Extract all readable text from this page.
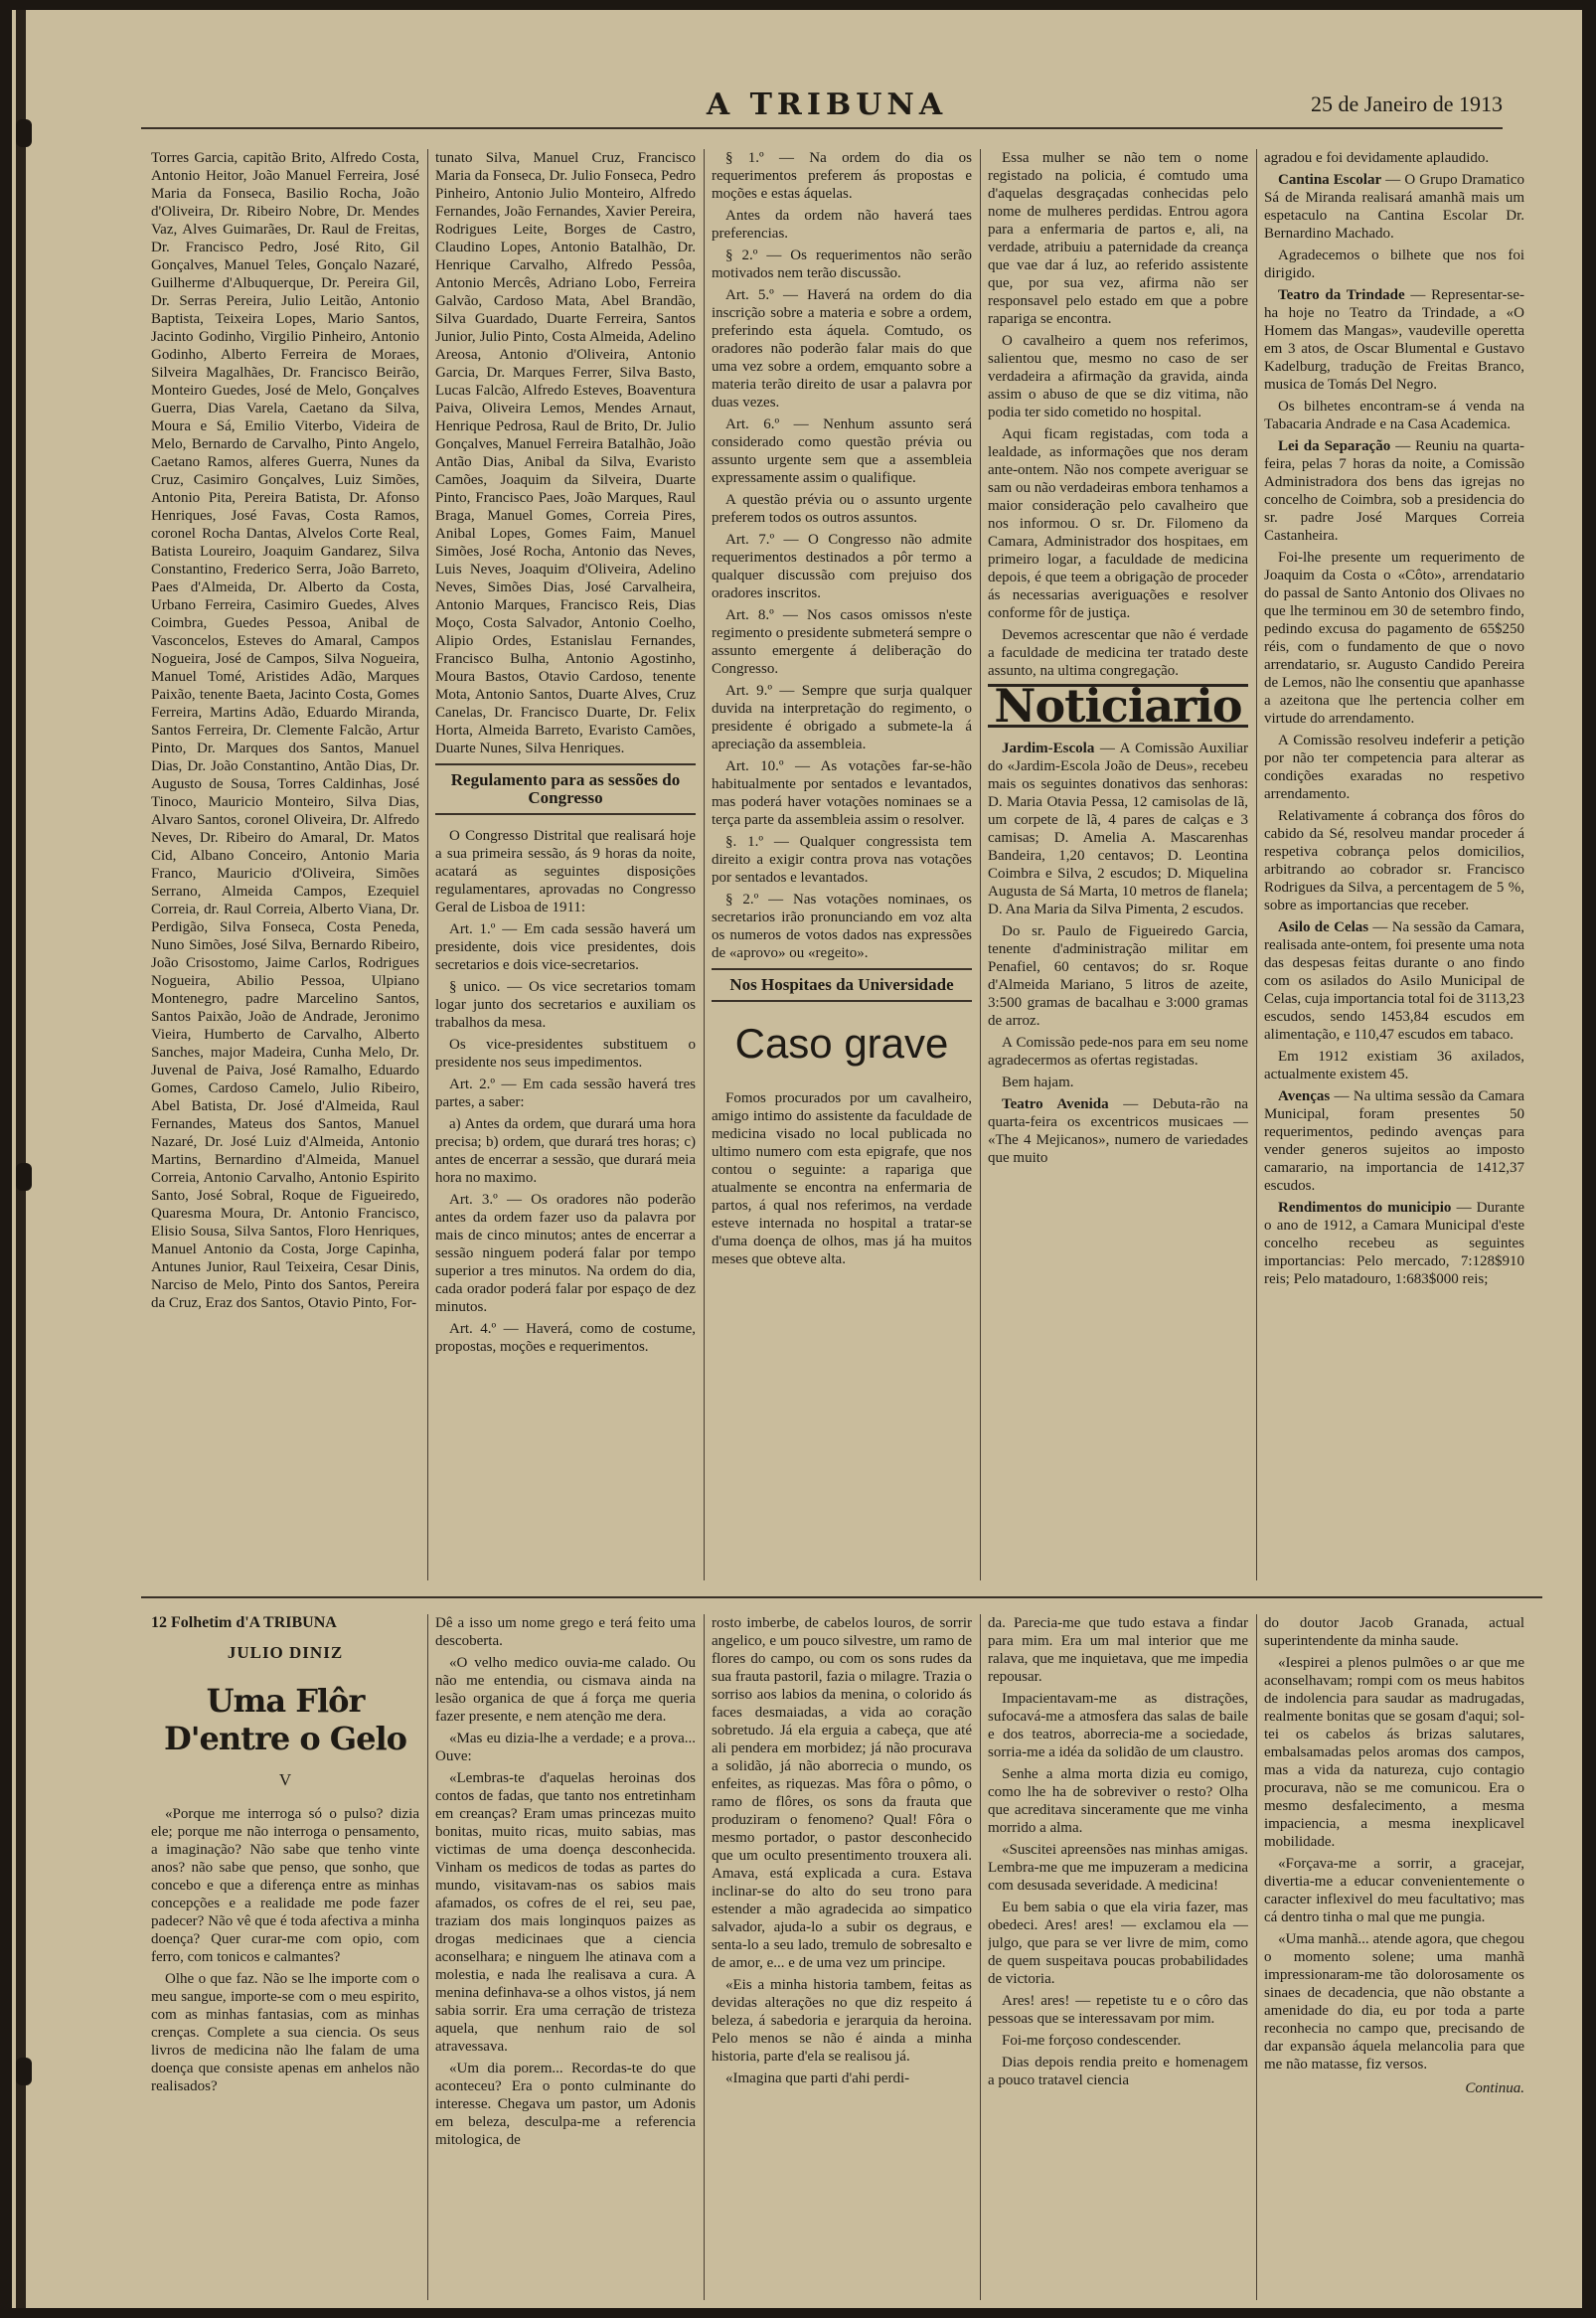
A TRIBUNA	25 de Janeiro de 1913

Torres Garcia, capitão Brito, Alfredo Costa, Antonio Heitor, João Manuel Ferreira, José Maria da Fonseca, Basilio Rocha, João d'Oliveira, Dr. Ribeiro Nobre, Dr. Mendes Vaz, Alves Guimarães, Dr. Raul de Freitas, Dr. Francisco Pedro, José Rito, Gil Gonçalves, Manuel Teles, Gonçalo Nazaré, Guilherme d'Albuquerque, Dr. Pereira Gil, Dr. Serras Pereira, Julio Leitão, Antonio Baptista, Teixeira Lopes, Mario Santos, Jacinto Godinho, Virgilio Pinheiro, Antonio Godinho, Alberto Ferreira de Moraes, Silveira Magalhães, Dr. Francisco Beirão, Monteiro Guedes, José de Melo, Gonçalves Guerra, Dias Varela, Caetano da Silva, Moura e Sá, Emilio Viterbo, Videira de Melo, Bernardo de Carvalho, Pinto Angelo, Caetano Ramos, alferes Guerra, Nunes da Cruz, Casimiro Gonçalves, Luiz Simões, Antonio Pita, Pereira Batista, Dr. Afonso Henriques, José Favas, Costa Ramos, coronel Rocha Dantas, Alvelos Corte Real, Batista Loureiro, Joaquim Gandarez, Silva Constantino, Frederico Serra, João Barreto, Paes d'Almeida, Dr. Alberto da Costa, Urbano Ferreira, Casimiro Guedes, Alves Coimbra, Guedes Pessoa, Anibal de Vasconcelos, Esteves do Amaral, Campos Nogueira, José de Campos, Silva Nogueira, Manuel Tomé, Aristides Adão, Marques Paixão, tenente Baeta, Jacinto Costa, Gomes Ferreira, Martins Adão, Eduardo Miranda, Santos Ferreira, Dr. Clemente Falcão, Artur Pinto, Dr. Marques dos Santos, Manuel Dias, Dr. João Constantino, Antão Dias, Dr. Augusto de Sousa, Torres Caldinhas, José Tinoco, Mauricio Monteiro, Silva Dias, Alvaro Santos, coronel Oliveira, Dr. Alfredo Neves, Dr. Ribeiro do Amaral, Dr. Matos Cid, Albano Conceiro, Antonio Maria Franco, Mauricio d'Oliveira, Simões Serrano, Almeida Campos, Ezequiel Correia, dr. Raul Correia, Alberto Viana, Dr. Perdigão, Silva Fonseca, Costa Peneda, Nuno Simões, José Silva, Bernardo Ribeiro, João Crisostomo, Jaime Carlos, Rodrigues Nogueira, Abilio Pessoa, Ulpiano Montenegro, padre Marcelino Santos, Santos Paixão, João de Andrade, Jeronimo Vieira, Humberto de Carvalho, Alberto Sanches, major Madeira, Cunha Melo, Dr. Juvenal de Paiva, José Ramalho, Eduardo Gomes, Cardoso Camelo, Julio Ribeiro, Abel Batista, Dr. José d'Almeida, Raul Fernandes, Mateus dos Santos, Manuel Nazaré, Dr. José Luiz d'Almeida, Antonio Martins, Bernardino d'Almeida, Manuel Correia, Antonio Carvalho, Antonio Espirito Santo, José Sobral, Roque de Figueiredo, Quaresma Moura, Dr. Antonio Francisco, Elisio Sousa, Silva Santos, Floro Henriques, Manuel Antonio da Costa, Jorge Capinha, Antunes Junior, Raul Teixeira, Cesar Dinis, Narciso de Melo, Pinto dos Santos, Pereira da Cruz, Eraz dos Santos, Otavio Pinto, For-

tunato Silva, Manuel Cruz, Francisco Maria da Fonseca, Dr. Julio Fonseca, Pedro Pinheiro, Antonio Julio Monteiro, Alfredo Fernandes, João Fernandes, Xavier Pereira, Rodrigues Leite, Borges de Castro, Claudino Lopes, Antonio Batalhão, Dr. Henrique Carvalho, Alfredo Pessôa, Antonio Mercês, Adriano Lobo, Ferreira Galvão, Cardoso Mata, Abel Brandão, Silva Guardado, Duarte Ferreira, Santos Junior, Julio Pinto, Costa Almeida, Adelino Areosa, Antonio d'Oliveira, Antonio Garcia, Dr. Marques Ferrer, Silva Basto, Lucas Falcão, Alfredo Esteves, Boaventura Paiva, Oliveira Lemos, Mendes Arnaut, Henrique Pedrosa, Raul de Brito, Dr. Julio Gonçalves, Manuel Ferreira Batalhão, João Antão Dias, Anibal da Silva, Evaristo Camões, Joaquim da Silveira, Duarte Pinto, Francisco Paes, João Marques, Raul Braga, Manuel Gomes, Correia Pires, Anibal Lopes, Gomes Faim, Manuel Simões, José Rocha, Antonio das Neves, Luis Neves, Joaquim d'Oliveira, Adelino Neves, Simões Dias, José Carvalheira, Antonio Marques, Francisco Reis, Dias Moço, Costa Salvador, Antonio Coelho, Alipio Ordes, Estanislau Fernandes, Francisco Bulha, Antonio Agostinho, Moura Bastos, Otavio Cardoso, tenente Mota, Antonio Santos, Duarte Alves, Cruz Canelas, Dr. Francisco Duarte, Dr. Felix Horta, Almeida Barreto, Evaristo Camões, Duarte Nunes, Silva Henriques.

Regulamento para as sessões do Congresso

O Congresso Distrital que realisará hoje a sua primeira sessão, ás 9 horas da noite, acatará as seguintes disposições regulamentares, aprovadas no Congresso Geral de Lisboa de 1911:

Art. 1.º — Em cada sessão haverá um presidente, dois vice presidentes, dois secretarios e dois vice-secretarios.

§ unico. — Os vice secretarios tomam logar junto dos secretarios e auxiliam os trabalhos da mesa.

Os vice-presidentes substituem o presidente nos seus impedimentos.

Art. 2.º — Em cada sessão haverá tres partes, a saber:

a) Antes da ordem, que durará uma hora precisa; b) ordem, que durará tres horas; c) antes de encerrar a sessão, que durará meia hora no maximo.

Art. 3.º — Os oradores não poderão antes da ordem fazer uso da palavra por mais de cinco minutos; antes de encerrar a sessão ninguem poderá falar por tempo superior a tres minutos. Na ordem do dia, cada orador poderá falar por espaço de dez minutos.

Art. 4.º — Haverá, como de costume, propostas, moções e requerimentos.

§ 1.º — Na ordem do dia os requerimentos preferem ás propostas e moções e estas áquelas.

Antes da ordem não haverá taes preferencias.

§ 2.º — Os requerimentos não serão motivados nem terão discussão.

Art. 5.º — Haverá na ordem do dia inscrição sobre a materia e sobre a ordem, preferindo esta áquela. Comtudo, os oradores não poderão falar mais do que uma vez sobre a ordem, emquanto sobre a materia terão direito de usar a palavra por duas vezes.

Art. 6.º — Nenhum assunto será considerado como questão prévia ou assunto urgente sem que a assembleia expressamente assim o qualifique.

A questão prévia ou o assunto urgente preferem todos os outros assuntos.

Art. 7.º — O Congresso não admite requerimentos destinados a pôr termo a qualquer discussão com prejuiso dos oradores inscritos.

Art. 8.º — Nos casos omissos n'este regimento o presidente submeterá sempre o assunto emergente á deliberação do Congresso.

Art. 9.º — Sempre que surja qualquer duvida na interpretação do regimento, o presidente é obrigado a submete-la á apreciação da assembleia.

Art. 10.º — As votações far-se-hão habitualmente por sentados e levantados, mas poderá haver votações nominaes se a terça parte da assembleia assim o resolver.

§. 1.º — Qualquer congressista tem direito a exigir contra prova nas votações por sentados e levantados.

§ 2.º — Nas votações nominaes, os secretarios irão pronunciando em voz alta os numeros de votos dados nas expressões de «aprovo» ou «regeito».

Nos Hospitaes da Universidade
Caso grave

Fomos procurados por um cavalheiro, amigo intimo do assistente da faculdade de medicina visado no local publicada no ultimo numero com esta epigrafe, que nos contou o seguinte: a rapariga que atualmente se encontra na enfermaria de partos, á qual nos referimos, na verdade esteve internada no hospital a tratar-se d'uma doença de olhos, mas já ha muitos meses que obteve alta.

Essa mulher se não tem o nome registado na policia, é comtudo uma d'aquelas desgraçadas conhecidas pelo nome de mulheres perdidas. Entrou agora para a enfermaria de partos e, ali, na verdade, atribuiu a paternidade da creança que vae dar á luz, ao referido assistente que, por sua vez, afirma não ser responsavel pelo estado em que a pobre rapariga se encontra.

O cavalheiro a quem nos referimos, salientou que, mesmo no caso de ser verdadeira a afirmação da gravida, ainda assim o abuso de que se diz vitima, não podia ter sido cometido no hospital.

Aqui ficam registadas, com toda a lealdade, as informações que nos deram ante-ontem. Não nos compete averiguar se sam ou não verdadeiras embora tenhamos a maior consideração pelo cavalheiro que nos informou. O sr. Dr. Filomeno da Camara, Administrador dos hospitaes, em primeiro logar, a faculdade de medicina depois, é que teem a obrigação de proceder ás necessarias averiguações e resolver conforme fôr de justiça.

Devemos acrescentar que não é verdade a faculdade de medicina ter tratado deste assunto, na ultima congregação.

Noticiario

Jardim-Escola — A Comissão Auxiliar do «Jardim-Escola João de Deus», recebeu mais os seguintes donativos das senhoras: D. Maria Otavia Pessa, 12 camisolas de lã, um corpete de lã, 4 pares de calças e 3 camisas; D. Amelia A. Mascarenhas Bandeira, 1,20 centavos; D. Leontina Coimbra e Silva, 2 escudos; D. Miquelina Augusta de Sá Marta, 10 metros de flanela; D. Ana Maria da Silva Pimenta, 2 escudos.

Do sr. Paulo de Figueiredo Garcia, tenente d'administração militar em Penafiel, 60 centavos; do sr. Roque d'Almeida Mariano, 5 litros de azeite, 3:500 gramas de bacalhau e 3:000 gramas de arroz.

A Comissão pede-nos para em seu nome agradecermos as ofertas registadas.

Bem hajam.

Teatro Avenida — Debuta-rão na quarta-feira os excentricos musicaes — «The 4 Mejicanos», numero de variedades que muito

agradou e foi devidamente aplaudido.

Cantina Escolar — O Grupo Dramatico Sá de Miranda realisará amanhã mais um espetaculo na Cantina Escolar Dr. Bernardino Machado.

Agradecemos o bilhete que nos foi dirigido.

Teatro da Trindade — Representar-se-ha hoje no Teatro da Trindade, a «O Homem das Mangas», vaudeville operetta em 3 atos, de Oscar Blumental e Gustavo Kadelburg, tradução de Freitas Branco, musica de Tomás Del Negro.

Os bilhetes encontram-se á venda na Tabacaria Andrade e na Casa Academica.

Lei da Separação — Reuniu na quarta-feira, pelas 7 horas da noite, a Comissão Administradora dos bens das igrejas no concelho de Coimbra, sob a presidencia do sr. padre José Marques Correia Castanheira.

Foi-lhe presente um requerimento de Joaquim da Costa o «Côto», arrendatario do passal de Santo Antonio dos Olivaes no que lhe terminou em 30 de setembro findo, pedindo excusa do pagamento de 65$250 réis, com o fundamento de que o novo arrendatario, sr. Augusto Candido Pereira de Lemos, não lhe consentiu que apanhasse a azeitona que lhe pertencia colher em virtude do arrendamento.

A Comissão resolveu indeferir a petição por não ter competencia para alterar as condições exaradas no respetivo arrendamento.

Relativamente á cobrança dos fôros do cabido da Sé, resolveu mandar proceder á respetiva cobrança pelos domicilios, arbitrando ao cobrador sr. Francisco Rodrigues da Silva, a percentagem de 5 %, sobre as importancias que receber.

Asilo de Celas — Na sessão da Camara, realisada ante-ontem, foi presente uma nota das despesas feitas durante o ano findo com os asilados do Asilo Municipal de Celas, cuja importancia total foi de 3113,23 escudos, sendo 1453,84 escudos em alimentação, e 110,47 escudos em tabaco.

Em 1912 existiam 36 axilados, actualmente existem 45.

Avenças — Na ultima sessão da Camara Municipal, foram presentes 50 requerimentos, pedindo avenças para vender generos sujeitos ao imposto camarario, na importancia de 1412,37 escudos.

Rendimentos do municipio — Durante o ano de 1912, a Camara Municipal d'este concelho recebeu as seguintes importancias: Pelo mercado, 7:128$910 reis; Pelo matadouro, 1:683$000 reis;

12 Folhetim d'A TRIBUNA
JULIO DINIZ
Uma Flôr D'entre o Gelo
V

«Porque me interroga só o pulso? dizia ele; porque me não interroga o pensamento, a imaginação? Não sabe que tenho vinte anos? não sabe que penso, que sonho, que concebo e que a diferença entre as minhas concepções e a realidade me pode fazer padecer? Não vê que é toda afectiva a minha doença? Quer curar-me com opio, com ferro, com tonicos e calmantes?

Olhe o que faz. Não se lhe importe com o meu sangue, importe-se com o meu espirito, com as minhas fantasias, com as minhas crenças. Complete a sua ciencia. Os seus livros de medicina não lhe falam de uma doença que consiste apenas em anhelos não realisados?

Dê a isso um nome grego e terá feito uma descoberta.

«O velho medico ouvia-me calado. Ou não me entendia, ou cismava ainda na lesão organica de que á força me queria fazer presente, e nem atenção me dera.

«Mas eu dizia-lhe a verdade; e a prova... Ouve:

«Lembras-te d'aquelas heroinas dos contos de fadas, que tanto nos entretinham em creanças? Eram umas princezas muito bonitas, muito ricas, muito sabias, mas victimas de uma doença desconhecida. Vinham os medicos de todas as partes do mundo, visitavam-nas os sabios mais afamados, os cofres de el rei, seu pae, traziam dos mais longinquos paizes as drogas medicinaes que a ciencia aconselhara; e ninguem lhe atinava com a molestia, e nada lhe realisava a cura. A menina definhava-se a olhos vistos, já nem sabia sorrir. Era uma cerração de tristeza aquela, que nenhum raio de sol atravessava.

«Um dia porem... Recordas-te do que aconteceu? Era o ponto culminante do interesse. Chegava um pastor, um Adonis em beleza, desculpa-me a referencia mitologica, de

rosto imberbe, de cabelos louros, de sorrir angelico, e um pouco silvestre, um ramo de flores do campo, ou com os sons rudes da sua frauta pastoril, fazia o milagre. Trazia o sorriso aos labios da menina, o colorido ás faces desmaiadas, a vida ao coração sobretudo. Já ela erguia a cabeça, que até ali pendera em morbidez; já não procurava a solidão, já não aborrecia o mundo, os enfeites, as riquezas. Mas fôra o pômo, o ramo de flôres, os sons da frauta que produziram o fenomeno? Qual! Fôra o mesmo portador, o pastor desconhecido que um oculto presentimento trouxera ali. Amava, está explicada a cura. Estava inclinar-se do alto do seu trono para estender a mão agradecida ao simpatico salvador, ajuda-lo a subir os degraus, e senta-lo a seu lado, tremulo de sobresalto e de amor, e... e de uma vez um principe.

«Eis a minha historia tambem, feitas as devidas alterações no que diz respeito á beleza, á sabedoria e jerarquia da heroina. Pelo menos se não é ainda a minha historia, parte d'ela se realisou já.

«Imagina que parti d'ahi perdi-

da. Parecia-me que tudo estava a findar para mim. Era um mal interior que me ralava, que me inquietava, que me impedia repousar.

Impacientavam-me as distrações, sufocavá-me a atmosfera das salas de baile e dos teatros, aborrecia-me a sociedade, sorria-me a idéa da solidão de um claustro.

Senhe a alma morta dizia eu comigo, como lhe ha de sobreviver o resto? Olha que acreditava sinceramente que me vinha morrido a alma.

«Suscitei apreensões nas minhas amigas. Lembra-me que me impuzeram a medicina com desusada severidade. A medicina!

Eu bem sabia o que ela viria fazer, mas obedeci. Ares! ares! — exclamou ela — julgo, que para se ver livre de mim, como de quem suspeitava poucas probabilidades de victoria.

Ares! ares! — repetiste tu e o côro das pessoas que se interessavam por mim.

Foi-me forçoso condescender.

Dias depois rendia preito e homenagem a pouco tratavel ciencia

do doutor Jacob Granada, actual superintendente da minha saude.

«Iespirei a plenos pulmões o ar que me aconselhavam; rompi com os meus habitos de indolencia para saudar as madrugadas, realmente bonitas que se gosam d'aqui; sol-tei os cabelos ás brizas salutares, embalsamadas pelos aromas dos campos, mas a vida da natureza, cujo contagio procurava, não se me comunicou. Era o mesmo desfalecimento, a mesma impaciencia, a mesma inexplicavel mobilidade.

«Forçava-me a sorrir, a gracejar, divertia-me a educar convenientemente o caracter inflexivel do meu facultativo; mas cá dentro tinha o mal que me pungia.

«Uma manhã... atende agora, que chegou o momento solene; uma manhã impressionaram-me tão dolorosamente os sinaes de decadencia, que não obstante a amenidade do dia, eu por toda a parte reconhecia no campo que, precisando de dar expansão áquela melancolia para que me não matasse, fiz versos.

Continua.
